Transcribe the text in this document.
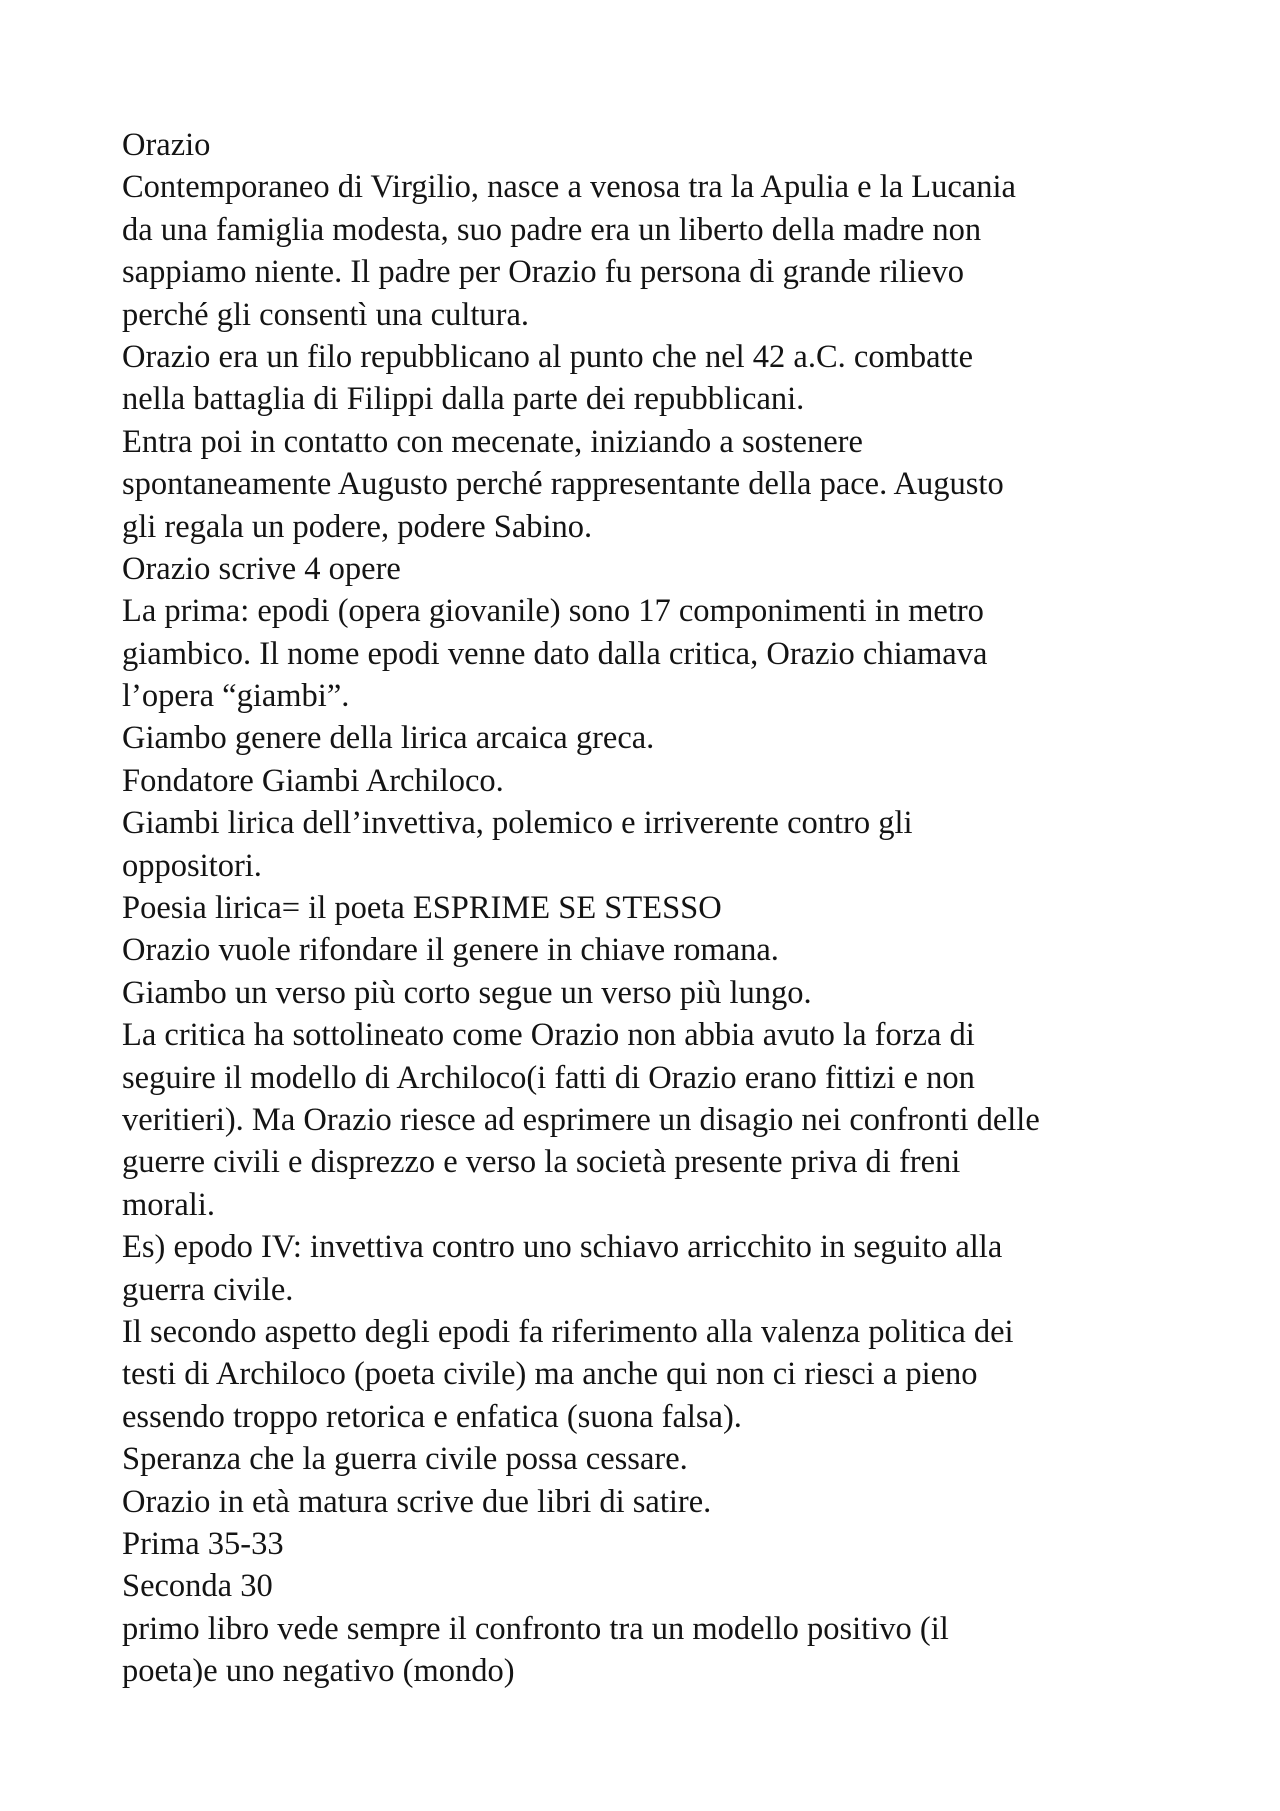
Orazio
Contemporaneo di Virgilio, nasce a venosa tra la Apulia e la Lucania
da una famiglia modesta, suo padre era un liberto della madre non
sappiamo niente. Il padre per Orazio fu persona di grande rilievo
perché gli consentì una cultura.
Orazio era un filo repubblicano al punto che nel 42 a.C. combatte
nella battaglia di Filippi dalla parte dei repubblicani.
Entra poi in contatto con mecenate, iniziando a sostenere
spontaneamente Augusto perché rappresentante della pace. Augusto
gli regala un podere, podere Sabino.
Orazio scrive 4 opere
La prima: epodi (opera giovanile) sono 17 componimenti in metro
giambico. Il nome epodi venne dato dalla critica, Orazio chiamava
l’opera “giambi”.
Giambo genere della lirica arcaica greca.
Fondatore Giambi Archiloco.
Giambi lirica dell’invettiva, polemico e irriverente contro gli
oppositori.
Poesia lirica= il poeta ESPRIME SE STESSO
Orazio vuole rifondare il genere in chiave romana.
Giambo un verso più corto segue un verso più lungo.
La critica ha sottolineato come Orazio non abbia avuto la forza di
seguire il modello di Archiloco(i fatti di Orazio erano fittizi e non
veritieri). Ma Orazio riesce ad esprimere un disagio nei confronti delle
guerre civili e disprezzo e verso la società presente priva di freni
morali.
Es) epodo IV: invettiva contro uno schiavo arricchito in seguito alla
guerra civile.
Il secondo aspetto degli epodi fa riferimento alla valenza politica dei
testi di Archiloco (poeta civile) ma anche qui non ci riesci a pieno
essendo troppo retorica e enfatica (suona falsa).
Speranza che la guerra civile possa cessare.
Orazio in età matura scrive due libri di satire.
Prima 35-33
Seconda 30
primo libro vede sempre il confronto tra un modello positivo (il
poeta)e uno negativo (mondo)
